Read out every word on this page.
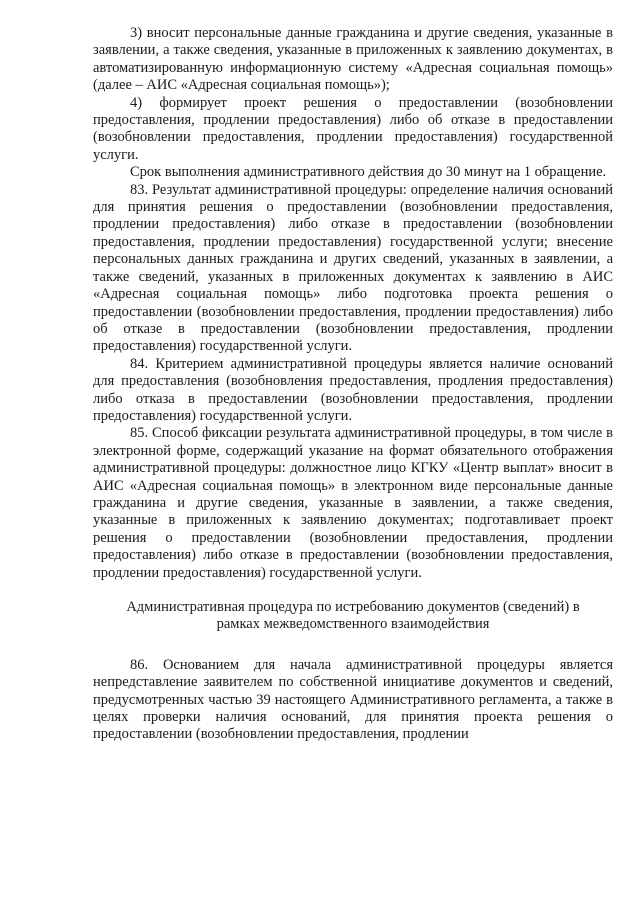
3) вносит персональные данные гражданина и другие сведения, указанные в заявлении, а также сведения, указанные в приложенных к заявлению документах, в автоматизированную информационную систему «Адресная социальная помощь» (далее – АИС «Адресная социальная помощь»);

4) формирует проект решения о предоставлении (возобновлении предоставления, продлении предоставления) либо об отказе в предоставлении (возобновлении предоставления, продлении предоставления) государственной услуги.

Срок выполнения административного действия до 30 минут на 1 обращение.

83. Результат административной процедуры: определение наличия оснований для принятия решения о предоставлении (возобновлении предоставления, продлении предоставления) либо отказе в предоставлении (возобновлении предоставления, продлении предоставления) государственной услуги; внесение персональных данных гражданина и других сведений, указанных в заявлении, а также сведений, указанных в приложенных документах к заявлению в АИС «Адресная социальная помощь» либо подготовка проекта решения о предоставлении (возобновлении предоставления, продлении предоставления) либо об отказе в предоставлении (возобновлении предоставления, продлении предоставления) государственной услуги.

84. Критерием административной процедуры является наличие оснований для предоставления (возобновления предоставления, продления предоставления) либо отказа в предоставлении (возобновлении предоставления, продлении предоставления) государственной услуги.

85. Способ фиксации результата административной процедуры, в том числе в электронной форме, содержащий указание на формат обязательного отображения административной процедуры: должностное лицо КГКУ «Центр выплат» вносит в АИС «Адресная социальная помощь» в электронном виде персональные данные гражданина и другие сведения, указанные в заявлении, а также сведения, указанные в приложенных к заявлению документах; подготавливает проект решения о предоставлении (возобновлении предоставления, продлении предоставления) либо отказе в предоставлении (возобновлении предоставления, продлении предоставления) государственной услуги.

Административная процедура по истребованию документов (сведений) в
рамках межведомственного взаимодействия

86. Основанием для начала административной процедуры является непредставление заявителем по собственной инициативе документов и сведений, предусмотренных частью 39 настоящего Административного регламента, а также в целях проверки наличия оснований, для принятия проекта решения о предоставлении (возобновлении предоставления, продлении
